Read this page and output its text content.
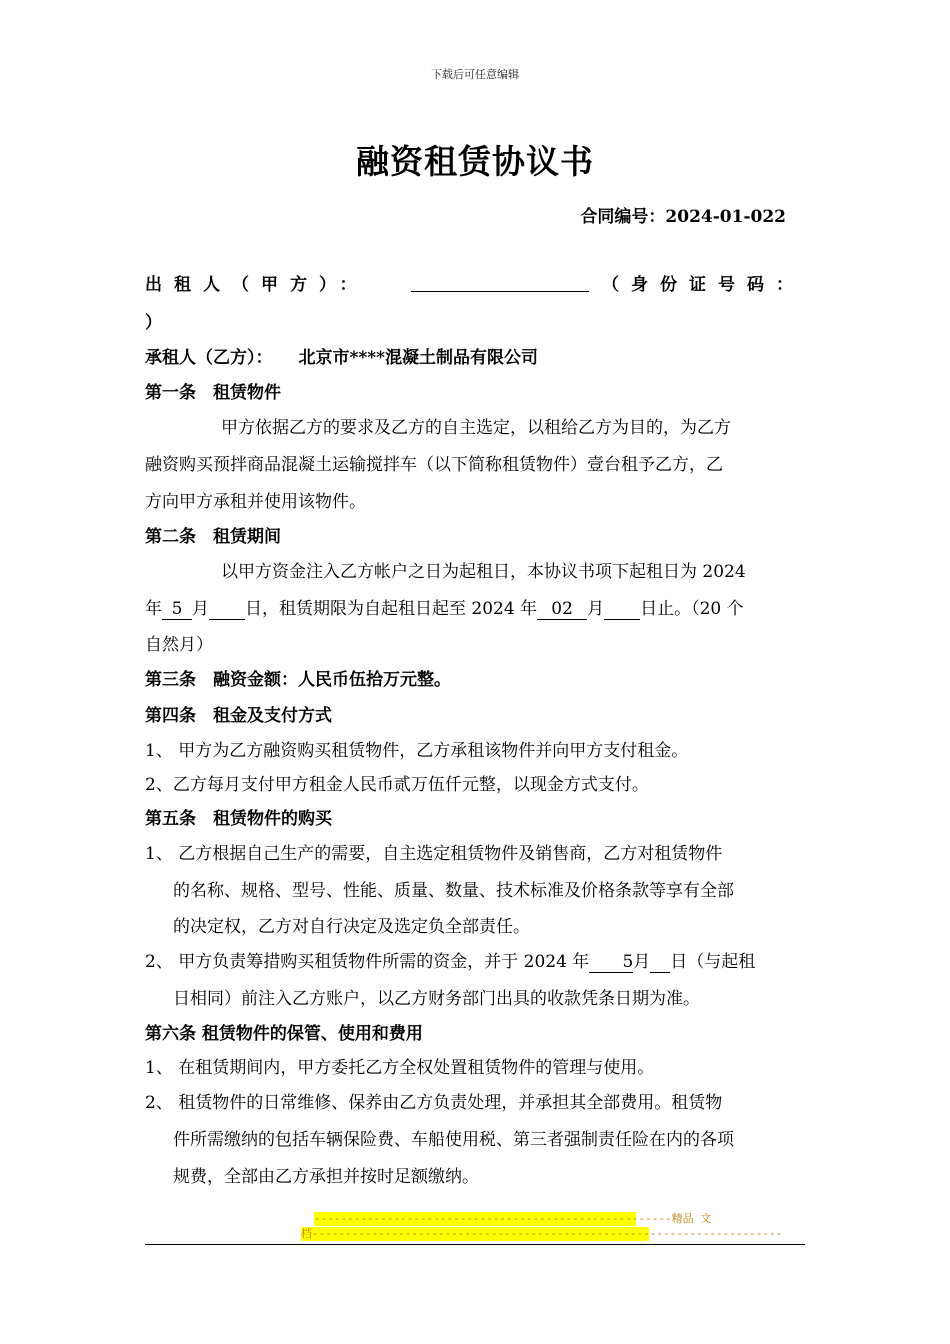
下载后可任意编辑
融资租赁协议书
合同编号：2024-01-022
出租人（甲方）：	（身份证号码：
）
承租人（乙方）： 北京市****混凝土制品有限公司
第一条　租赁物件
甲方依据乙方的要求及乙方的自主选定，以租给乙方为目的，为乙方
融资购买预拌商品混凝土运输搅拌车（以下简称租赁物件）壹台租予乙方，乙
方向甲方承租并使用该物件。
第二条　租赁期间
以甲方资金注入乙方帐户之日为起租日，本协议书项下起租日为 2024
年 5 月 日，租赁期限为自起租日起至 2024 年 02 月 日止。（20 个
自然月）
第三条　融资金额：人民币伍拾万元整。
第四条　租金及支付方式
1、 甲方为乙方融资购买租赁物件，乙方承租该物件并向甲方支付租金。
2、乙方每月支付甲方租金人民币贰万伍仟元整，以现金方式支付。
第五条　租赁物件的购买
1、 乙方根据自己生产的需要，自主选定租赁物件及销售商，乙方对租赁物件
的名称、规格、型号、性能、质量、数量、技术标准及价格条款等享有全部
的决定权，乙方对自行决定及选定负全部责任。
2、 甲方负责筹措购买租赁物件所需的资金，并于 2024 年 5月 日（与起租
日相同）前注入乙方账户，以乙方财务部门出具的收款凭条日期为准。
第六条 租赁物件的保管、使用和费用
1、 在租赁期间内，甲方委托乙方全权处置租赁物件的管理与使用。
2、 租赁物件的日常维修、保养由乙方负责处理，并承担其全部费用。租赁物
件所需缴纳的包括车辆保险费、车船使用税、第三者强制责任险在内的各项
规费，全部由乙方承担并按时足额缴纳。
------------------------------------------------------精品 文
档-----------------------------------------------------------------------
